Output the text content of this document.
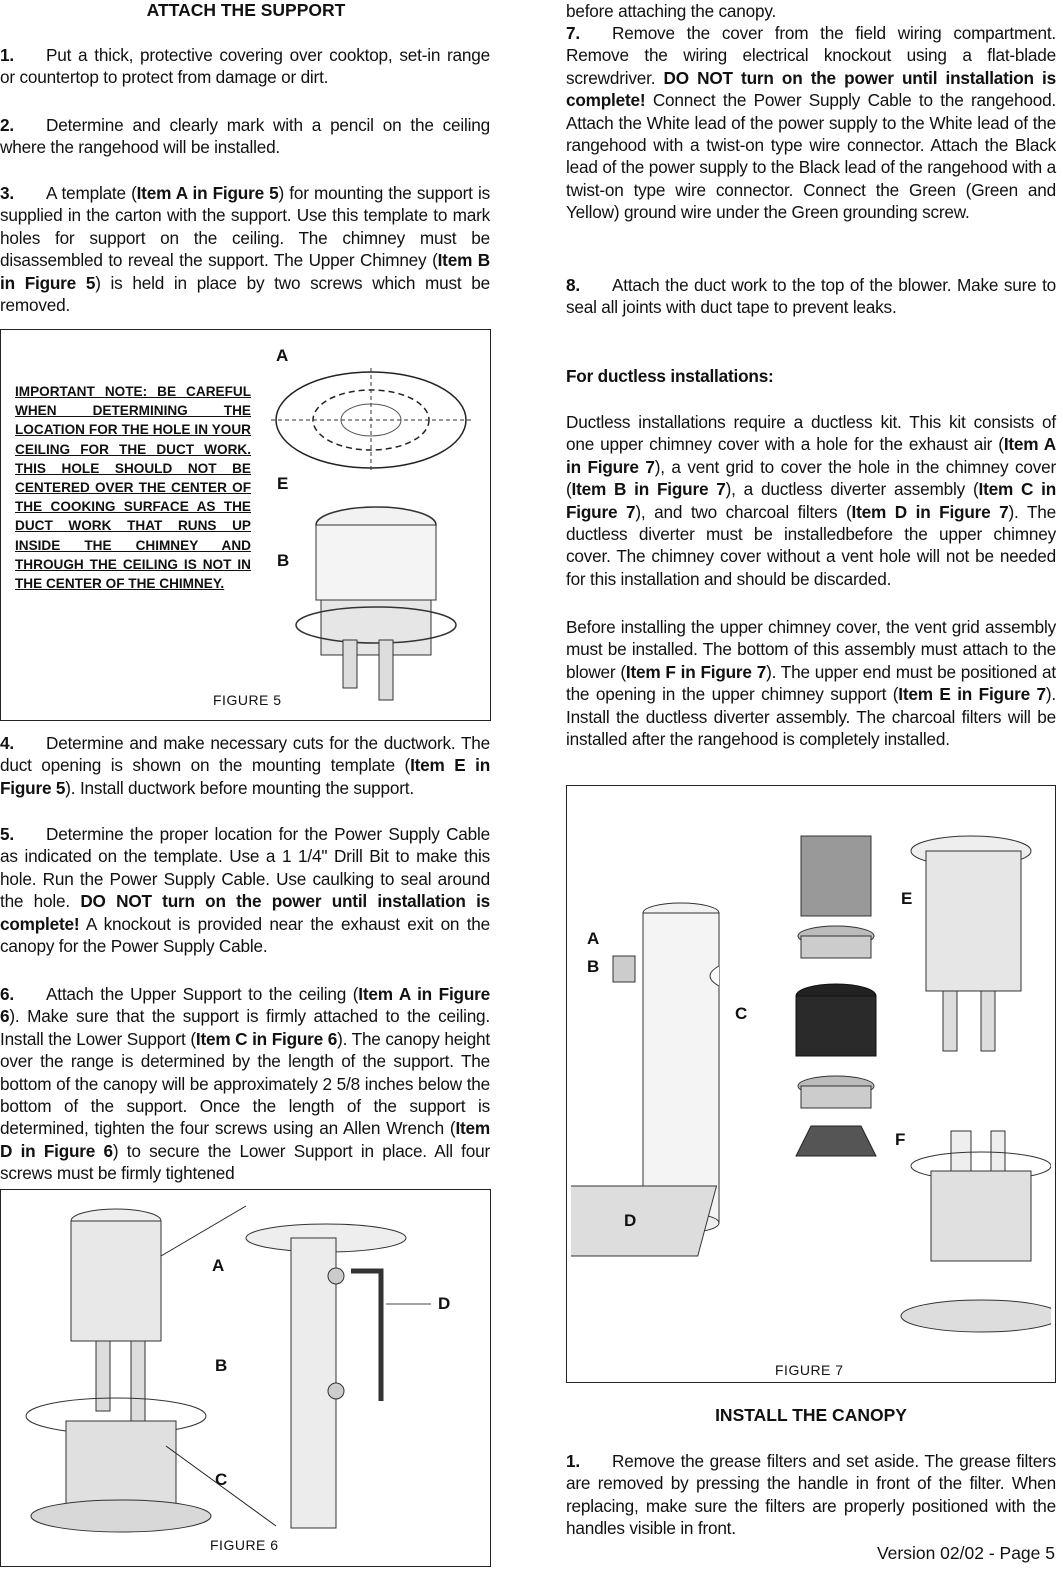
ATTACH THE SUPPORT

1. Put a thick, protective covering over cooktop, set-in range or countertop to protect from damage or dirt.

2. Determine and clearly mark with a pencil on the ceiling where the rangehood will be installed.

3. A template (Item A in Figure 5) for mounting the support is supplied in the carton with the support. Use this template to mark holes for support on the ceiling. The chimney must be disassembled to reveal the support. The Upper Chimney (Item B in Figure 5) is held in place by two screws which must be removed.

IMPORTANT NOTE: BE CAREFUL WHEN DETERMINING THE LOCATION FOR THE HOLE IN YOUR CEILING FOR THE DUCT WORK. THIS HOLE SHOULD NOT BE CENTERED OVER THE CENTER OF THE COOKING SURFACE AS THE DUCT WORK THAT RUNS UP INSIDE THE CHIMNEY AND THROUGH THE CEILING IS NOT IN THE CENTER OF THE CHIMNEY.
A
E
B
FIGURE 5

4. Determine and make necessary cuts for the ductwork. The duct opening is shown on the mounting template (Item E in Figure 5). Install ductwork before mounting the support.

5. Determine the proper location for the Power Supply Cable as indicated on the template. Use a 1 1/4" Drill Bit to make this hole. Run the Power Supply Cable. Use caulking to seal around the hole. DO NOT turn on the power until installation is complete! A knockout is provided near the exhaust exit on the canopy for the Power Supply Cable.

6. Attach the Upper Support to the ceiling (Item A in Figure 6). Make sure that the support is firmly attached to the ceiling. Install the Lower Support (Item C in Figure 6). The canopy height over the range is determined by the length of the support. The bottom of the canopy will be approximately 2 5/8 inches below the bottom of the support. Once the length of the support is determined, tighten the four screws using an Allen Wrench (Item D in Figure 6) to secure the Lower Support in place. All four screws must be firmly tightened

A
B
C
D
FIGURE 6

before attaching the canopy.

7. Remove the cover from the field wiring compartment. Remove the wiring electrical knockout using a flat-blade screwdriver. DO NOT turn on the power until installation is complete! Connect the Power Supply Cable to the rangehood. Attach the White lead of the power supply to the White lead of the rangehood with a twist-on type wire connector. Attach the Black lead of the power supply to the Black lead of the rangehood with a twist-on type wire connector. Connect the Green (Green and Yellow) ground wire under the Green grounding screw.

8. Attach the duct work to the top of the blower. Make sure to seal all joints with duct tape to prevent leaks.

For ductless installations:

Ductless installations require a ductless kit. This kit consists of one upper chimney cover with a hole for the exhaust air (Item A in Figure 7), a vent grid to cover the hole in the chimney cover (Item B in Figure 7), a ductless diverter assembly (Item C in Figure 7), and two charcoal filters (Item D in Figure 7). The ductless diverter must be installedbefore the upper chimney cover. The chimney cover without a vent hole will not be needed for this installation and should be discarded.

Before installing the upper chimney cover, the vent grid assembly must be installed. The bottom of this assembly must attach to the blower (Item F in Figure 7). The upper end must be positioned at the opening in the upper chimney support (Item E in Figure 7). Install the ductless diverter assembly. The charcoal filters will be installed after the rangehood is completely installed.

A
B
C
D
E
F
FIGURE 7
INSTALL THE CANOPY

1. Remove the grease filters and set aside. The grease filters are removed by pressing the handle in front of the filter. When replacing, make sure the filters are properly positioned with the handles visible in front.

Version 02/02 - Page 5
